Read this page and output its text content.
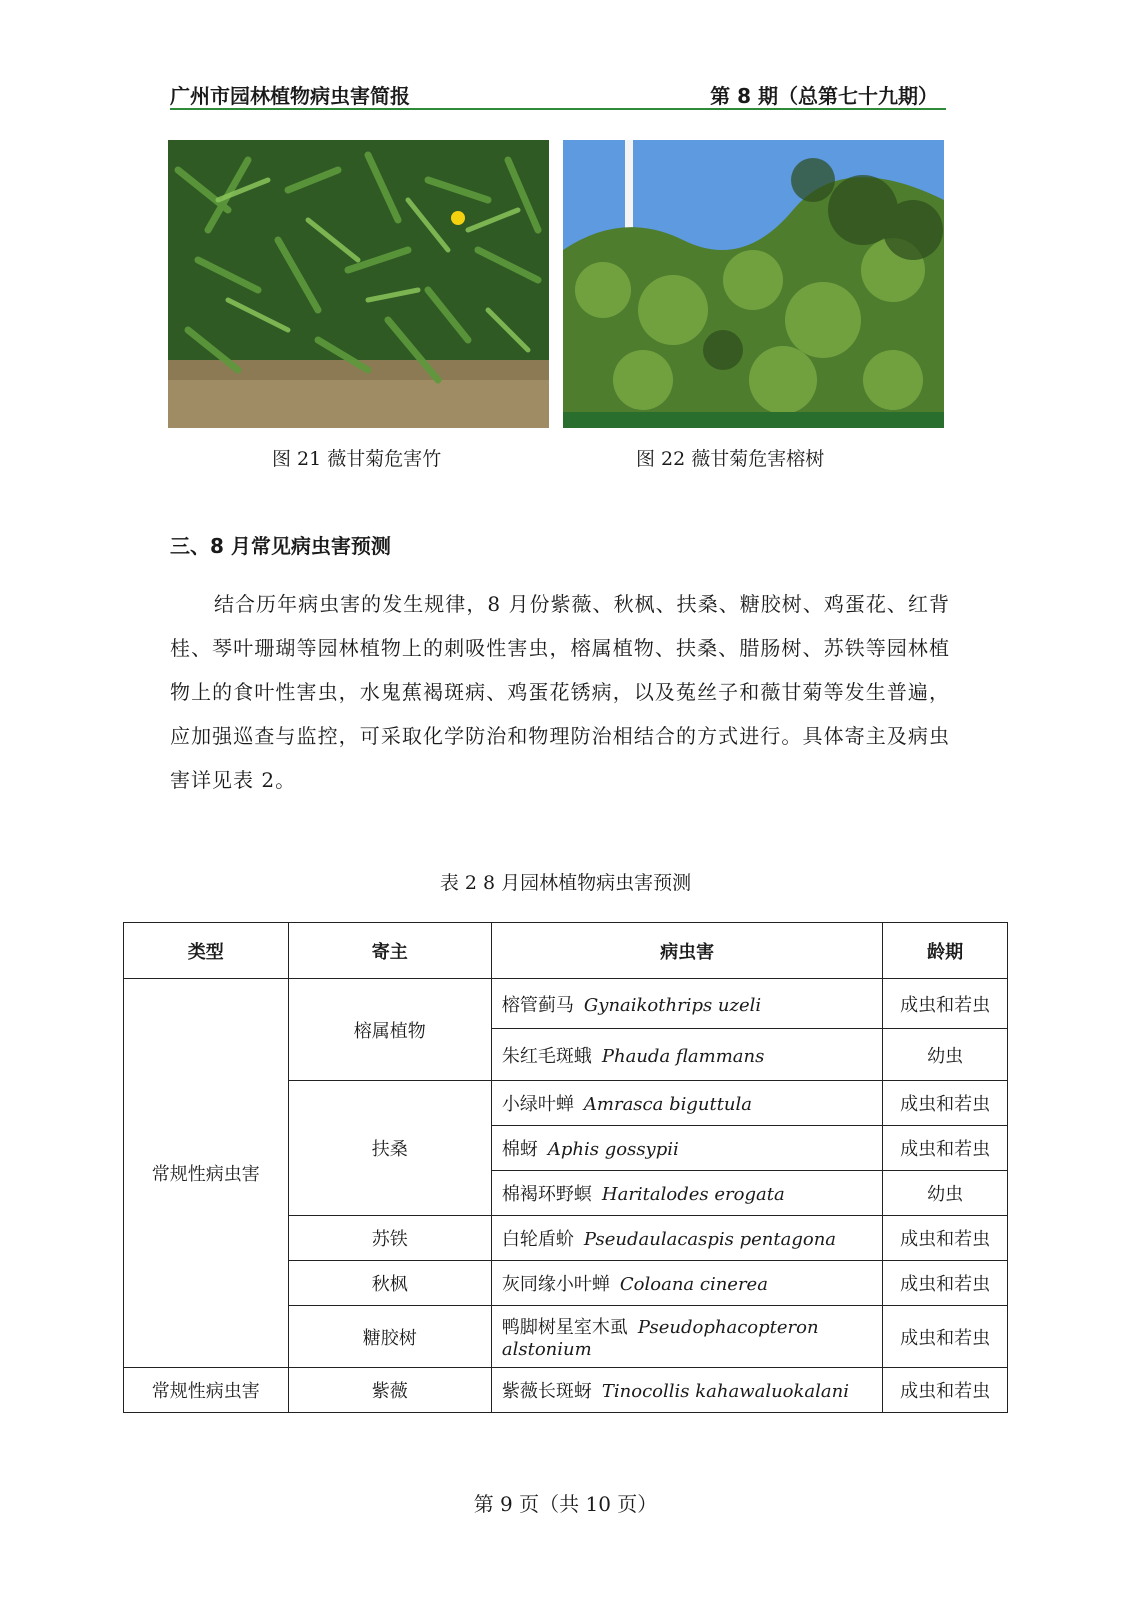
广州市园林植物病虫害简报	第 8 期（总第七十九期）
图 21 薇甘菊危害竹	图 22 薇甘菊危害榕树
三、8 月常见病虫害预测
结合历年病虫害的发生规律，8 月份紫薇、秋枫、扶桑、糖胶树、鸡蛋花、红背桂、琴叶珊瑚等园林植物上的刺吸性害虫，榕属植物、扶桑、腊肠树、苏铁等园林植物上的食叶性害虫，水鬼蕉褐斑病、鸡蛋花锈病，以及菟丝子和薇甘菊等发生普遍，应加强巡查与监控，可采取化学防治和物理防治相结合的方式进行。具体寄主及病虫害详见表 2。
表 2 8 月园林植物病虫害预测
类型	寄主	病虫害	龄期
常规性病虫害	榕属植物	榕管蓟马 Gynaikothrips uzeli	成虫和若虫
		朱红毛斑蛾 Phauda flammans	幼虫
	扶桑	小绿叶蝉 Amrasca biguttula	成虫和若虫
		棉蚜 Aphis gossypii	成虫和若虫
		棉褐环野螟 Haritalodes erogata	幼虫
	苏铁	白轮盾蚧 Pseudaulacaspis pentagona	成虫和若虫
	秋枫	灰同缘小叶蝉 Coloana cinerea	成虫和若虫
	糖胶树	鸭脚树星室木虱 Pseudophacopteron alstonium	成虫和若虫
常规性病虫害	紫薇	紫薇长斑蚜 Tinocollis kahawaluokalani	成虫和若虫
第 9 页（共 10 页）
